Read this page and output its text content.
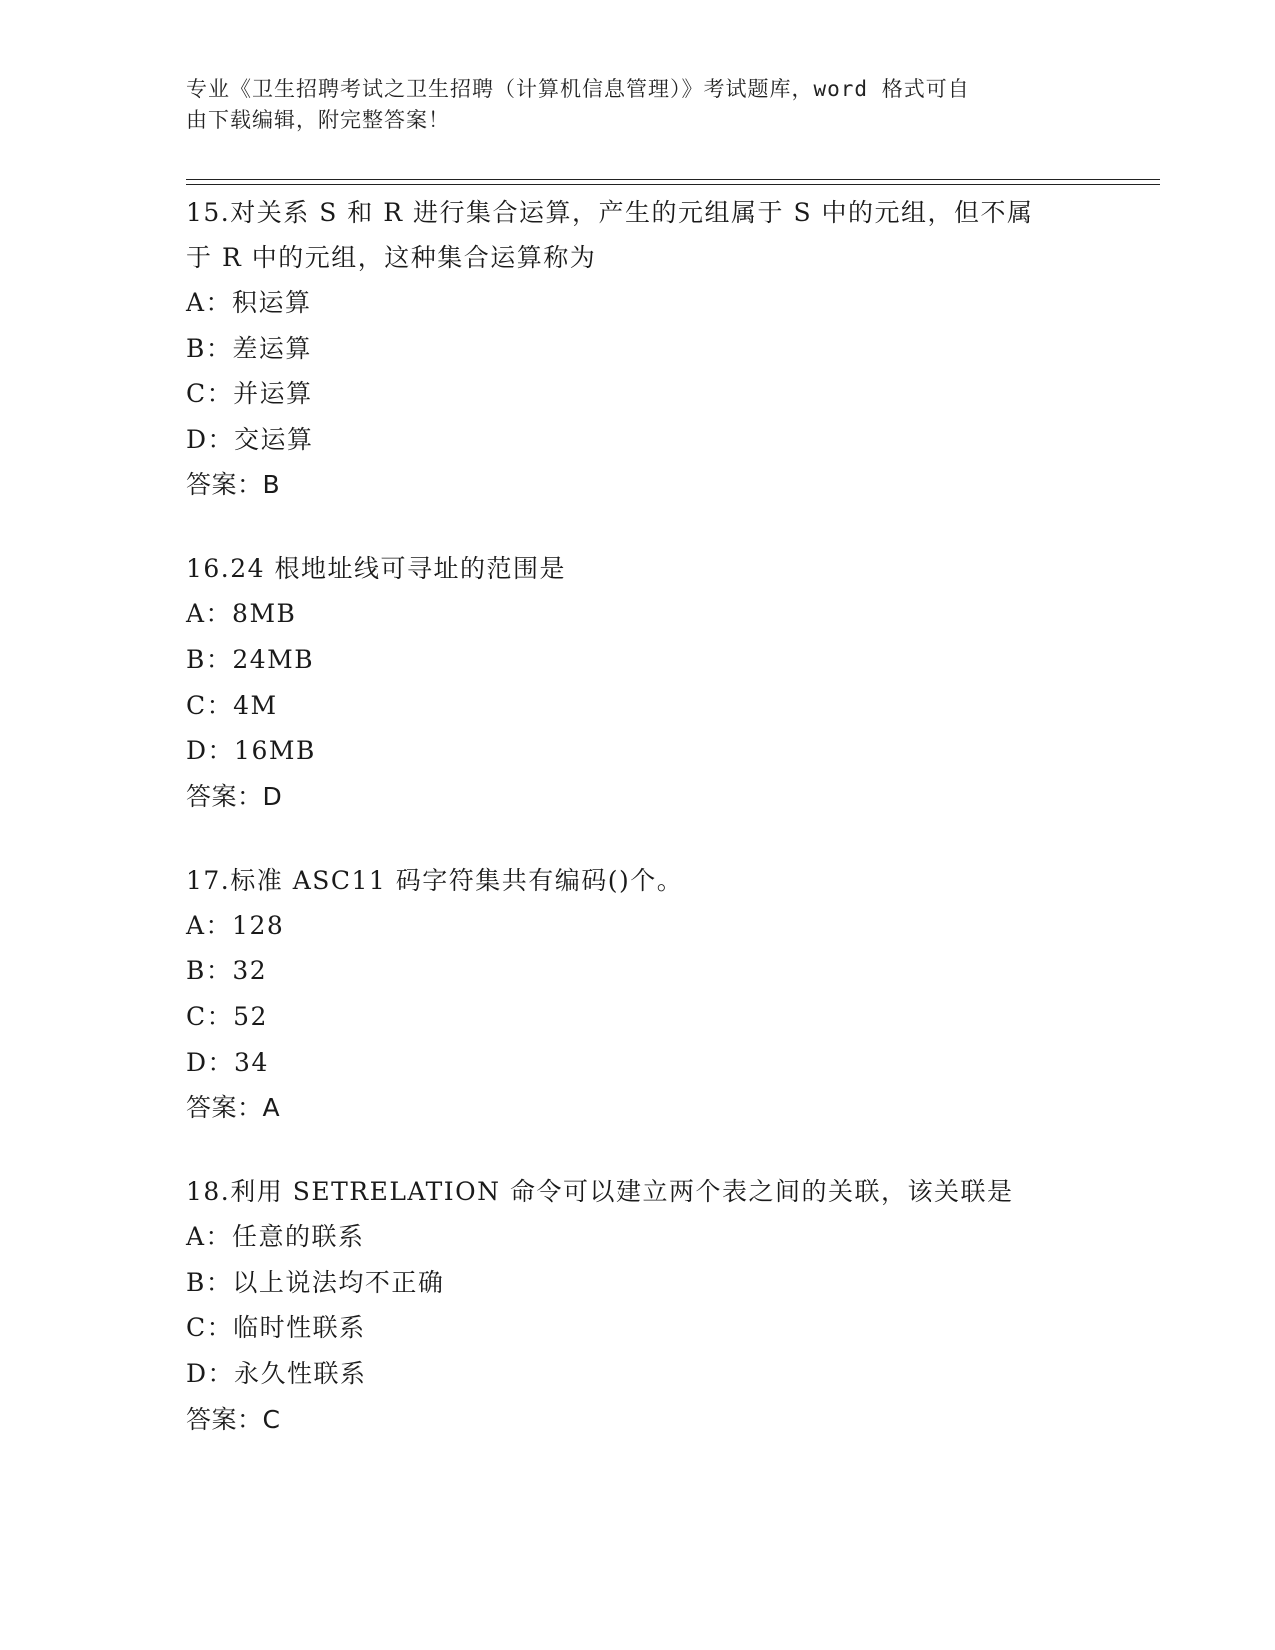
专业《卫生招聘考试之卫生招聘（计算机信息管理）》考试题库，word 格式可自
由下载编辑，附完整答案！
15.对关系 S 和 R 进行集合运算，产生的元组属于 S 中的元组，但不属
于 R 中的元组，这种集合运算称为
A：积运算
B：差运算
C：并运算
D：交运算
答案：B
16.24 根地址线可寻址的范围是
A：8MB
B：24MB
C：4M
D：16MB
答案：D
17.标准 ASC11 码字符集共有编码()个。
A：128
B：32
C：52
D：34
答案：A
18.利用 SETRELATION 命令可以建立两个表之间的关联，该关联是
A：任意的联系
B：以上说法均不正确
C：临时性联系
D：永久性联系
答案：C
